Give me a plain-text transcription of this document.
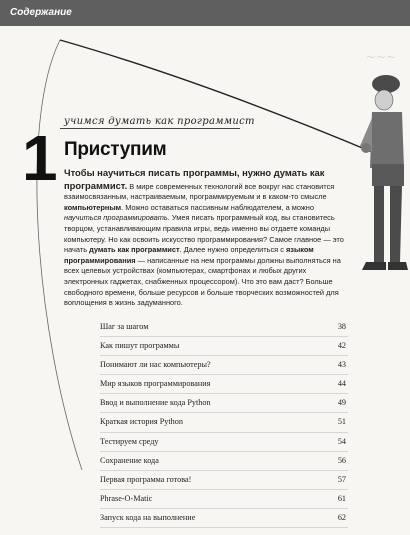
Содержание
~~~
учимся думать как программист
1 Приступим
Чтобы научиться писать программы, нужно думать как программист. В мире современных технологий все вокруг нас становится взаимосвязанным, настраиваемым, программируемым и в каком-то смысле компьютерным. Можно оставаться пассивным наблюдателем, а можно научиться программировать. Умея писать программный код, вы становитесь творцом, устанавливающим правила игры, ведь именно вы отдаете команды компьютеру. Но как освоить искусство программирования? Самое главное — это начать думать как программист. Далее нужно определиться с языком программирования — написанные на нем программы должны выполняться на всех целевых устройствах (компьютерах, смартфонах и любых других электронных гаджетах, снабженных процессором). Что это вам даст? Больше свободного времени, больше ресурсов и больше творческих возможностей для воплощения в жизнь задуманного.
Шаг за шагом	38
Как пишут программы	42
Понимают ли нас компьютеры?	43
Мир языков программирования	44
Ввод и выполнение кода Python	49
Краткая история Python	51
Тестируем среду	54
Сохранение кода	56
Первая программа готова!	57
Phrase-O-Matic	61
Запуск кода на выполнение	62
